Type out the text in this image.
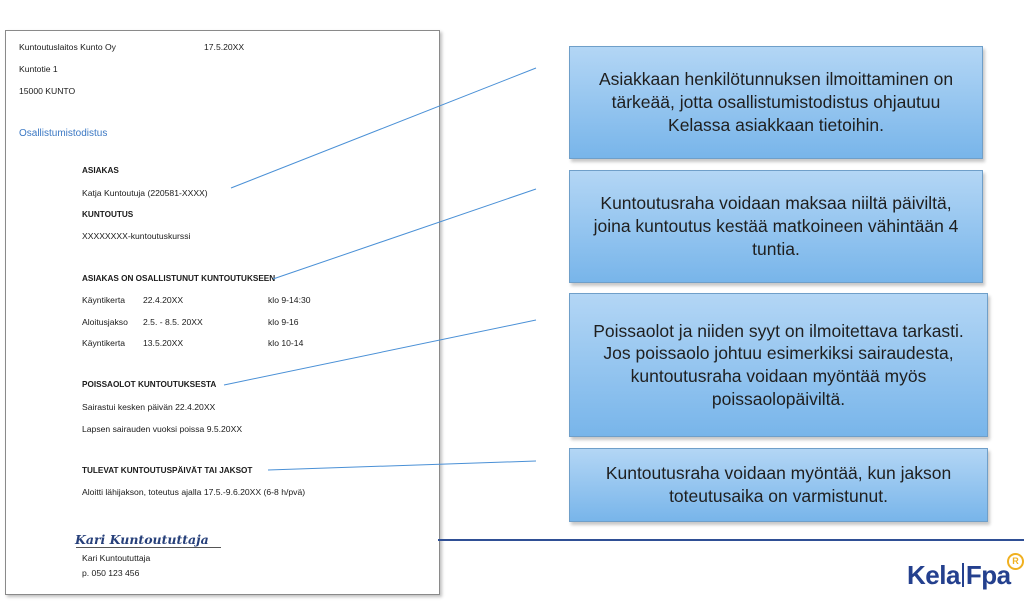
Kuntoutuslaitos Kunto Oy	17.5.20XX
Kuntotie 1
15000 KUNTO
Osallistumistodistus
ASIAKAS
Katja Kuntoutuja (220581-XXXX)
KUNTOUTUS
XXXXXXXX-kuntoutuskurssi
ASIAKAS ON OSALLISTUNUT KUNTOUTUKSEEN
Käyntikerta 22.4.20XX	klo 9-14:30
Aloitusjakso 2.5. - 8.5. 20XX	klo 9-16
Käyntikerta 13.5.20XX	klo 10-14
POISSAOLOT KUNTOUTUKSESTA
Sairastui kesken päivän 22.4.20XX
Lapsen sairauden vuoksi poissa 9.5.20XX
TULEVAT KUNTOUTUSPÄIVÄT TAI JAKSOT
Aloitti lähijakson, toteutus ajalla 17.5.-9.6.20XX (6-8 h/pvä)
Kari Kuntoututtaja
p. 050 123 456
Kari Kuntoututtaja
Asiakkaan henkilötunnuksen ilmoittaminen on tärkeää, jotta osallistumistodistus ohjautuu Kelassa asiakkaan tietoihin.
Kuntoutusraha voidaan maksaa niiltä päiviltä, joina kuntoutus kestää matkoineen vähintään 4 tuntia.
Poissaolot ja niiden syyt on ilmoitettava tarkasti. Jos poissaolo johtuu esimerkiksi sairaudesta, kuntoutusraha voidaan myöntää myös poissaolopäiviltä.
Kuntoutusraha voidaan myöntää, kun jakson toteutusaika on varmistunut.
Kela Fpa R
